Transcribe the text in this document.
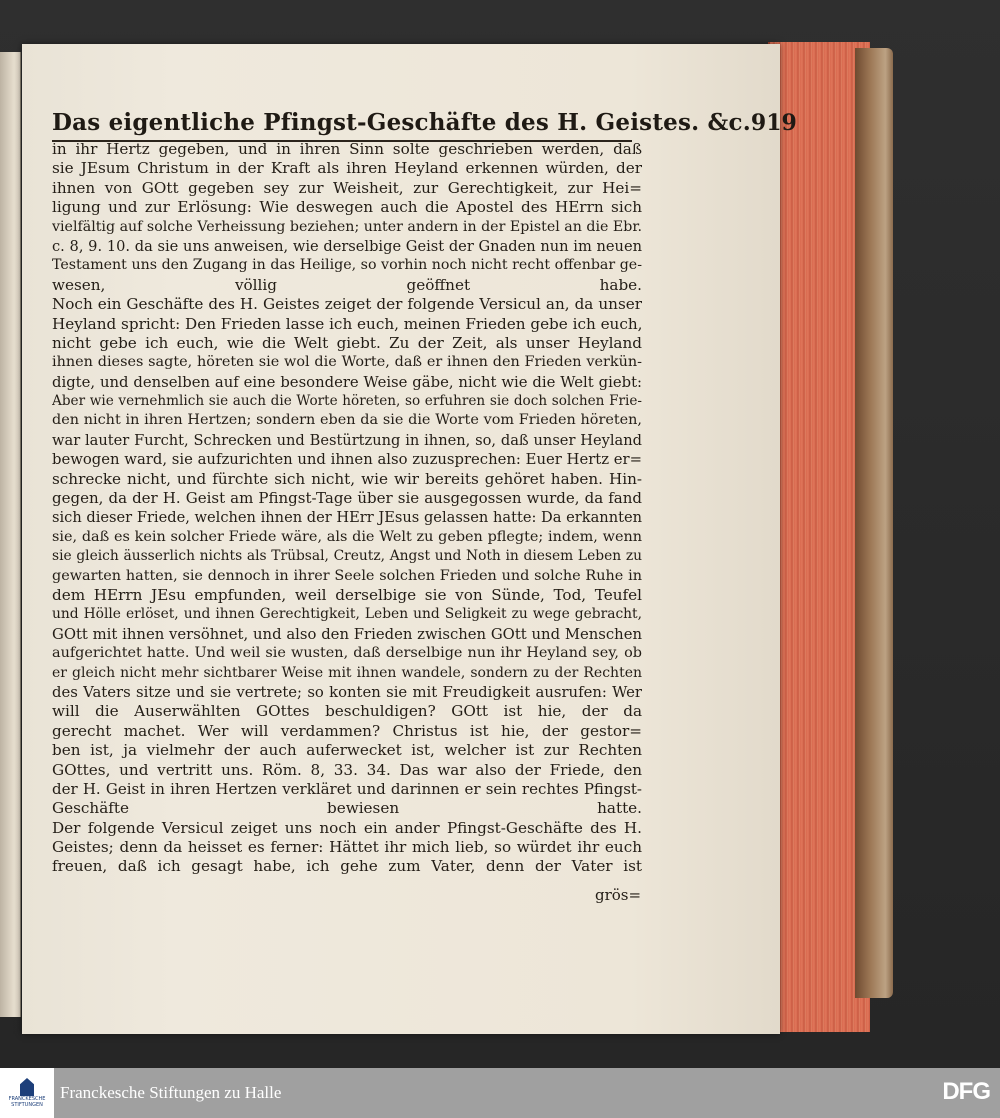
Das eigentliche Pfingst-Geschäfte des H. Geistes. &c. 919
in ihr Hertz gegeben, und in ihren Sinn solte geschrieben werden, daß
sie JEsum Christum in der Kraft als ihren Heyland erkennen würden, der
ihnen von GOtt gegeben sey zur Weisheit, zur Gerechtigkeit, zur Hei=
ligung und zur Erlösung: Wie deswegen auch die Apostel des HErrn sich
vielfältig auf solche Verheissung beziehen; unter andern in der Epistel an die Ebr.
c. 8, 9. 10. da sie uns anweisen, wie derselbige Geist der Gnaden nun im neuen
Testament uns den Zugang in das Heilige, so vorhin noch nicht recht offenbar ge-
wesen, völlig geöffnet habe.
Noch ein Geschäfte des H. Geistes zeiget der folgende Versicul an, da unser
Heyland spricht: Den Frieden lasse ich euch, meinen Frieden gebe ich euch,
nicht gebe ich euch, wie die Welt giebt. Zu der Zeit, als unser Heyland
ihnen dieses sagte, höreten sie wol die Worte, daß er ihnen den Frieden verkün-
digte, und denselben auf eine besondere Weise gäbe, nicht wie die Welt giebt:
Aber wie vernehmlich sie auch die Worte höreten, so erfuhren sie doch solchen Frie-
den nicht in ihren Hertzen; sondern eben da sie die Worte vom Frieden höreten,
war lauter Furcht, Schrecken und Bestürtzung in ihnen, so, daß unser Heyland
bewogen ward, sie aufzurichten und ihnen also zuzusprechen: Euer Hertz er=
schrecke nicht, und fürchte sich nicht, wie wir bereits gehöret haben. Hin-
gegen, da der H. Geist am Pfingst-Tage über sie ausgegossen wurde, da fand
sich dieser Friede, welchen ihnen der HErr JEsus gelassen hatte: Da erkannten
sie, daß es kein solcher Friede wäre, als die Welt zu geben pflegte; indem, wenn
sie gleich äusserlich nichts als Trübsal, Creutz, Angst und Noth in diesem Leben zu
gewarten hatten, sie dennoch in ihrer Seele solchen Frieden und solche Ruhe in
dem HErrn JEsu empfunden, weil derselbige sie von Sünde, Tod, Teufel
und Hölle erlöset, und ihnen Gerechtigkeit, Leben und Seligkeit zu wege gebracht,
GOtt mit ihnen versöhnet, und also den Frieden zwischen GOtt und Menschen
aufgerichtet hatte. Und weil sie wusten, daß derselbige nun ihr Heyland sey, ob
er gleich nicht mehr sichtbarer Weise mit ihnen wandele, sondern zu der Rechten
des Vaters sitze und sie vertrete; so konten sie mit Freudigkeit ausrufen: Wer
will die Auserwählten GOttes beschuldigen? GOtt ist hie, der da
gerecht machet. Wer will verdammen? Christus ist hie, der gestor=
ben ist, ja vielmehr der auch auferwecket ist, welcher ist zur Rechten
GOttes, und vertritt uns. Röm. 8, 33. 34. Das war also der Friede, den
der H. Geist in ihren Hertzen verkläret und darinnen er sein rechtes Pfingst-
Geschäfte bewiesen hatte.
Der folgende Versicul zeiget uns noch ein ander Pfingst-Geschäfte des H.
Geistes; denn da heisset es ferner: Hättet ihr mich lieb, so würdet ihr euch
freuen, daß ich gesagt habe, ich gehe zum Vater, denn der Vater ist
grös=
FRANCKESCHE
STIFTUNGEN
Franckesche Stiftungen zu Halle	DFG
